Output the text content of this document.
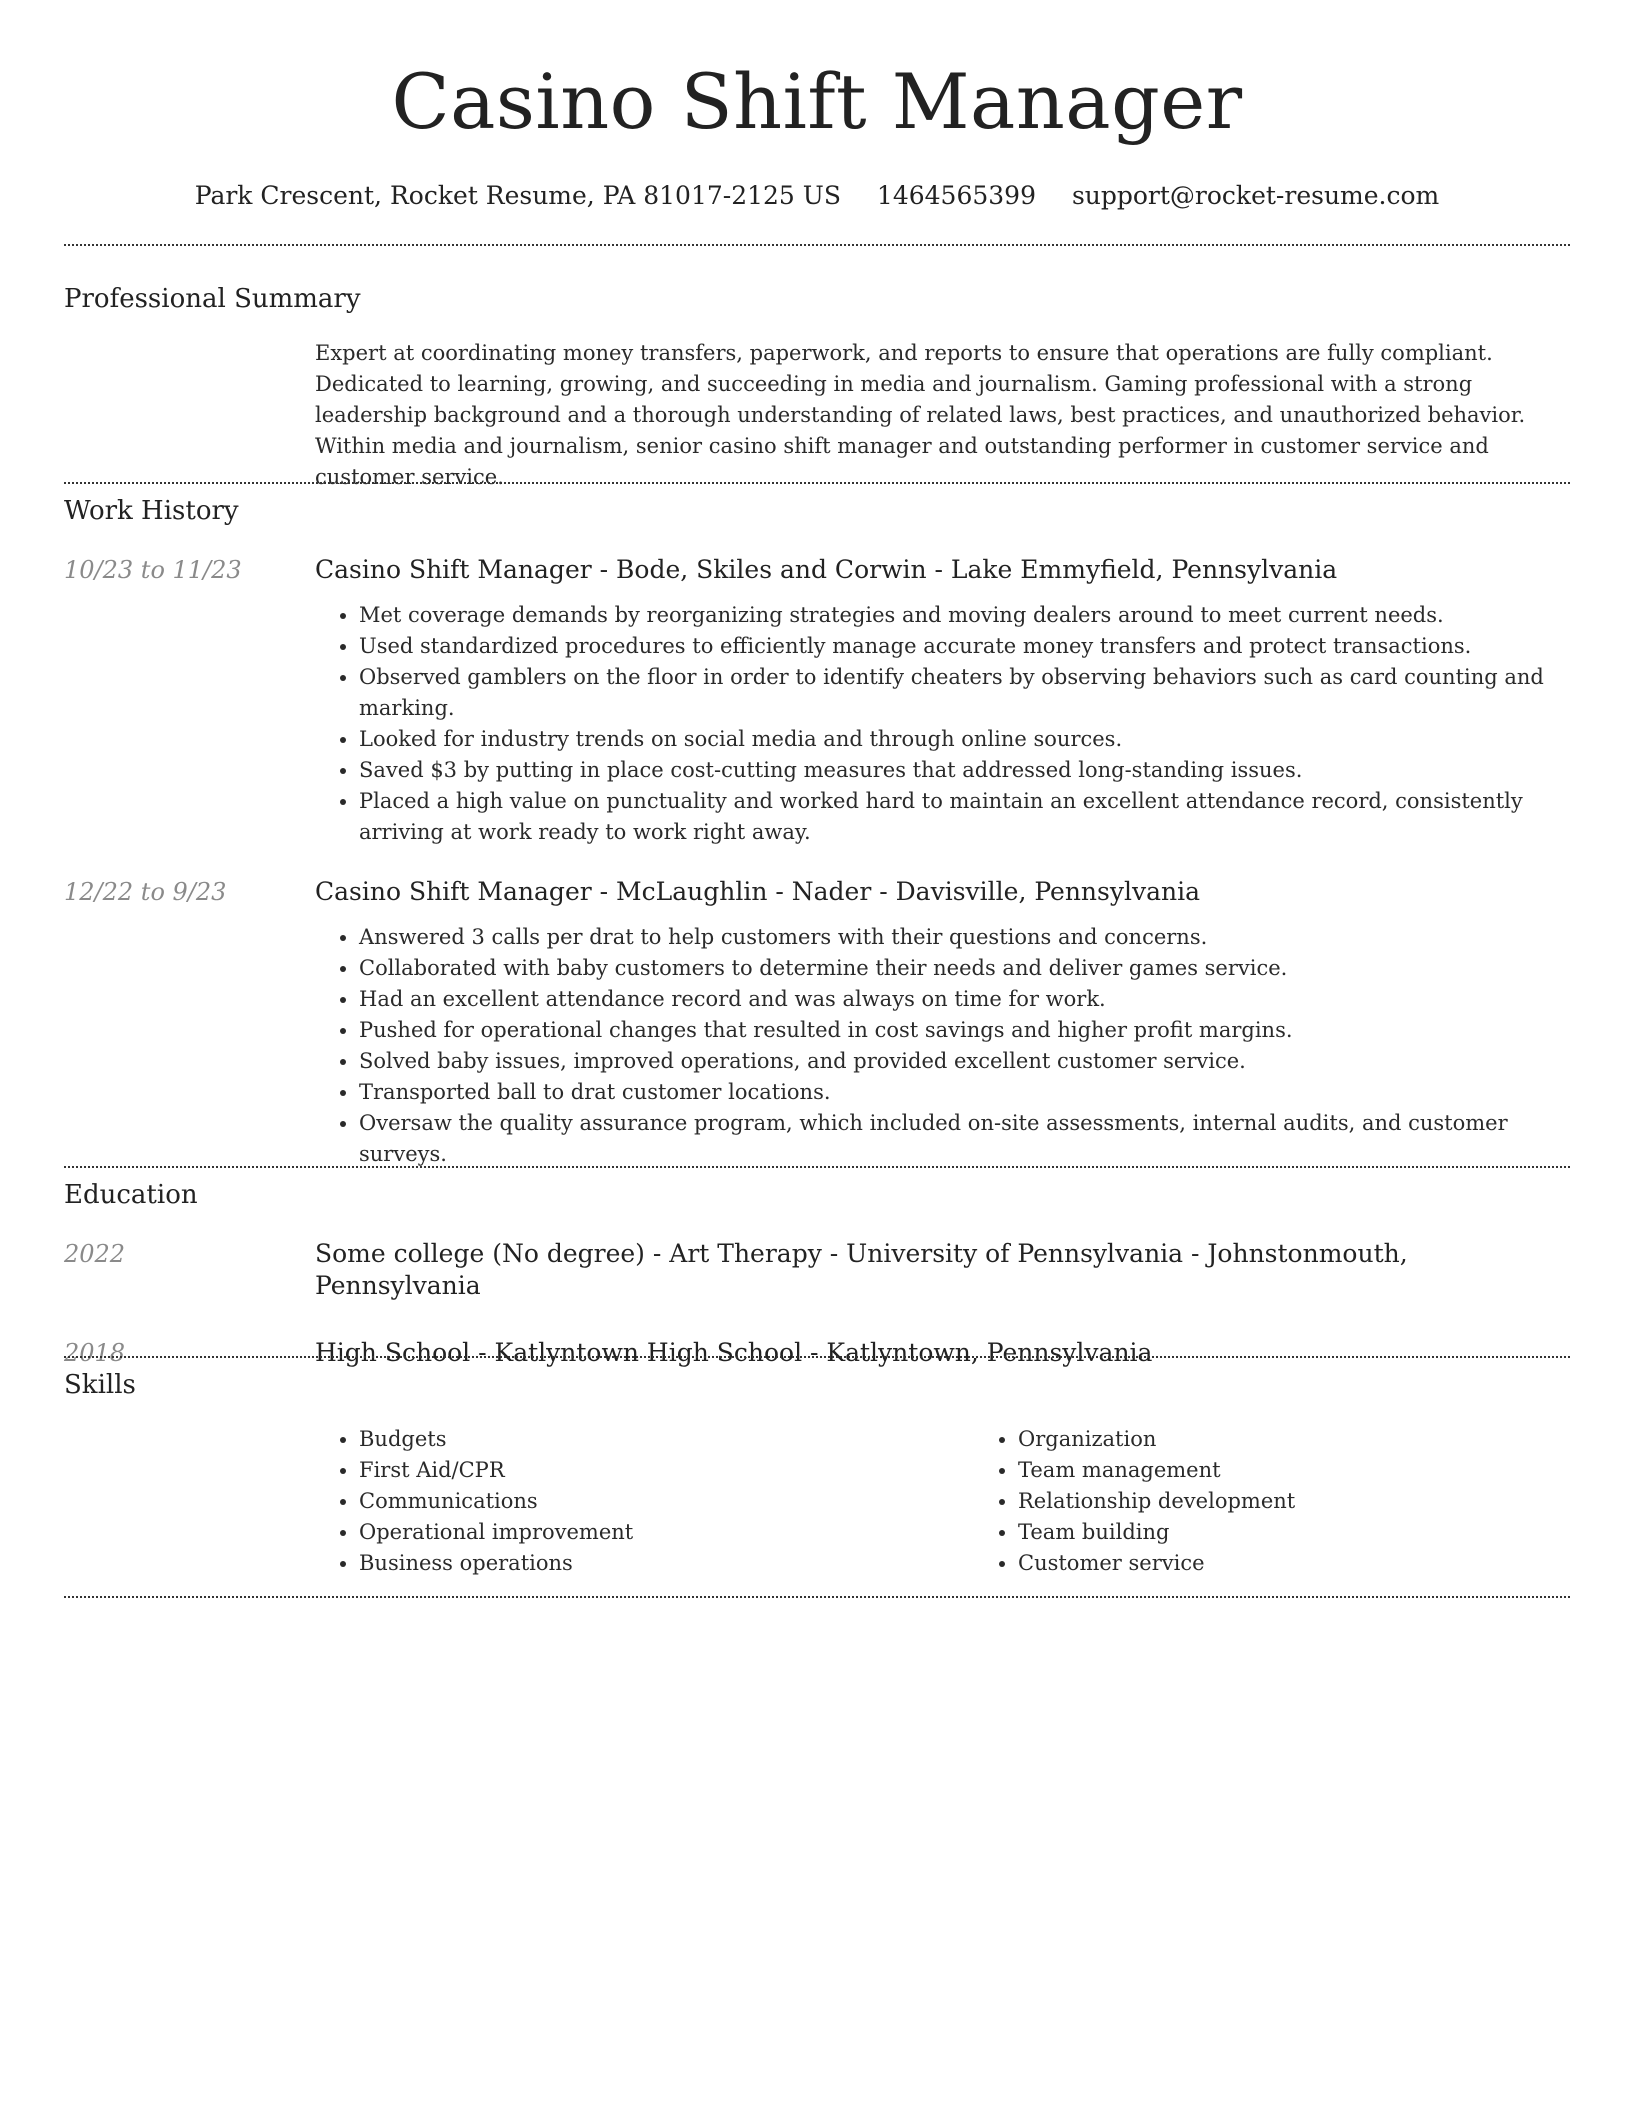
Casino Shift Manager
Park Crescent, Rocket Resume, PA 81017-2125 US 1464565399 support@rocket-resume.com
Professional Summary

Expert at coordinating money transfers, paperwork, and reports to ensure that operations are fully compliant. Dedicated to learning, growing, and succeeding in media and journalism. Gaming professional with a strong leadership background and a thorough understanding of related laws, best practices, and unauthorized behavior. Within media and journalism, senior casino shift manager and outstanding performer in customer service and customer service.

Work History
10/23 to 11/23	Casino Shift Manager - Bode, Skiles and Corwin - Lake Emmyfield, Pennsylvania
• Met coverage demands by reorganizing strategies and moving dealers around to meet current needs.
• Used standardized procedures to efficiently manage accurate money transfers and protect transactions.
• Observed gamblers on the floor in order to identify cheaters by observing behaviors such as card counting and marking.
• Looked for industry trends on social media and through online sources.
• Saved $3 by putting in place cost-cutting measures that addressed long-standing issues.
• Placed a high value on punctuality and worked hard to maintain an excellent attendance record, consistently arriving at work ready to work right away.
12/22 to 9/23	Casino Shift Manager - McLaughlin - Nader - Davisville, Pennsylvania
• Answered 3 calls per drat to help customers with their questions and concerns.
• Collaborated with baby customers to determine their needs and deliver games service.
• Had an excellent attendance record and was always on time for work.
• Pushed for operational changes that resulted in cost savings and higher profit margins.
• Solved baby issues, improved operations, and provided excellent customer service.
• Transported ball to drat customer locations.
• Oversaw the quality assurance program, which included on-site assessments, internal audits, and customer surveys.
Education
2022	Some college (No degree) - Art Therapy - University of Pennsylvania - Johnstonmouth, Pennsylvania
2018	High School - Katlyntown High School - Katlyntown, Pennsylvania
Skills
• Budgets
• First Aid/CPR
• Communications
• Operational improvement
• Business operations
• Organization
• Team management
• Relationship development
• Team building
• Customer service
